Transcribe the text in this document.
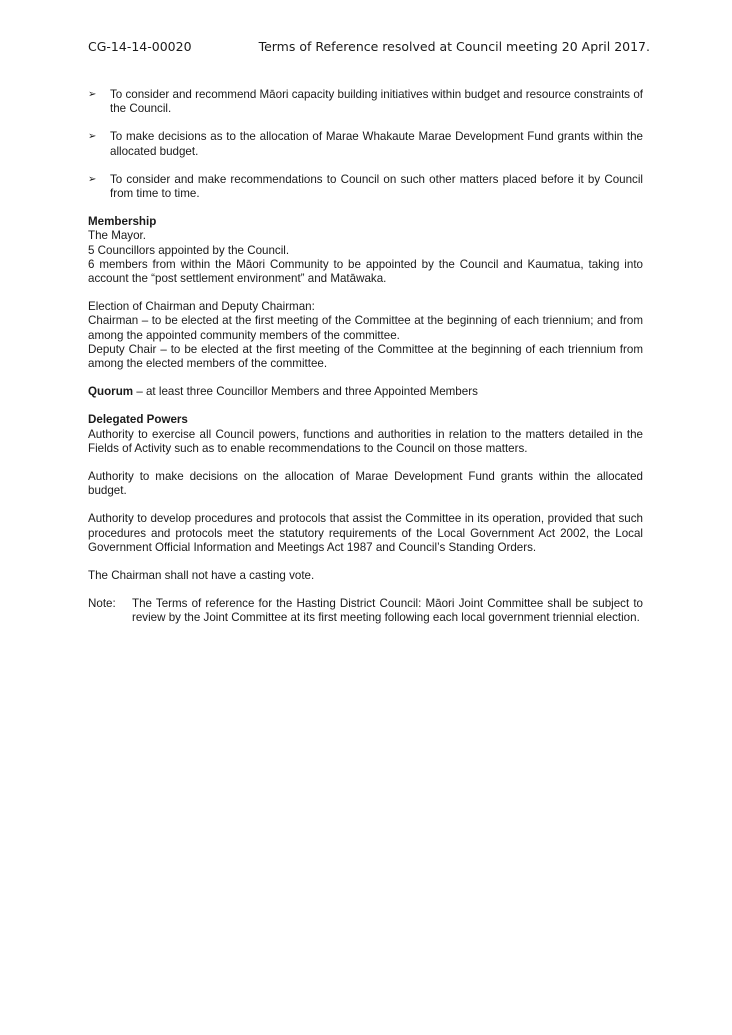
CG-14-14-00020	Terms of Reference resolved at Council meeting 20 April 2017.
➢ To consider and recommend Māori capacity building initiatives within budget and resource constraints of the Council.
➢ To make decisions as to the allocation of Marae Whakaute Marae Development Fund grants within the allocated budget.
➢ To consider and make recommendations to Council on such other matters placed before it by Council from time to time.

Membership

The Mayor.

5 Councillors appointed by the Council.

6 members from within the Māori Community to be appointed by the Council and Kaumatua, taking into account the “post settlement environment” and Matāwaka.

Election of Chairman and Deputy Chairman:

Chairman – to be elected at the first meeting of the Committee at the beginning of each triennium; and from among the appointed community members of the committee.

Deputy Chair – to be elected at the first meeting of the Committee at the beginning of each triennium from among the elected members of the committee.

Quorum – at least three Councillor Members and three Appointed Members

Delegated Powers

Authority to exercise all Council powers, functions and authorities in relation to the matters detailed in the Fields of Activity such as to enable recommendations to the Council on those matters.

Authority to make decisions on the allocation of Marae Development Fund grants within the allocated budget.

Authority to develop procedures and protocols that assist the Committee in its operation, provided that such procedures and protocols meet the statutory requirements of the Local Government Act 2002, the Local Government Official Information and Meetings Act 1987 and Council’s Standing Orders.

The Chairman shall not have a casting vote.

Note: The Terms of reference for the Hasting District Council: Māori Joint Committee shall be subject to review by the Joint Committee at its first meeting following each local government triennial election.
